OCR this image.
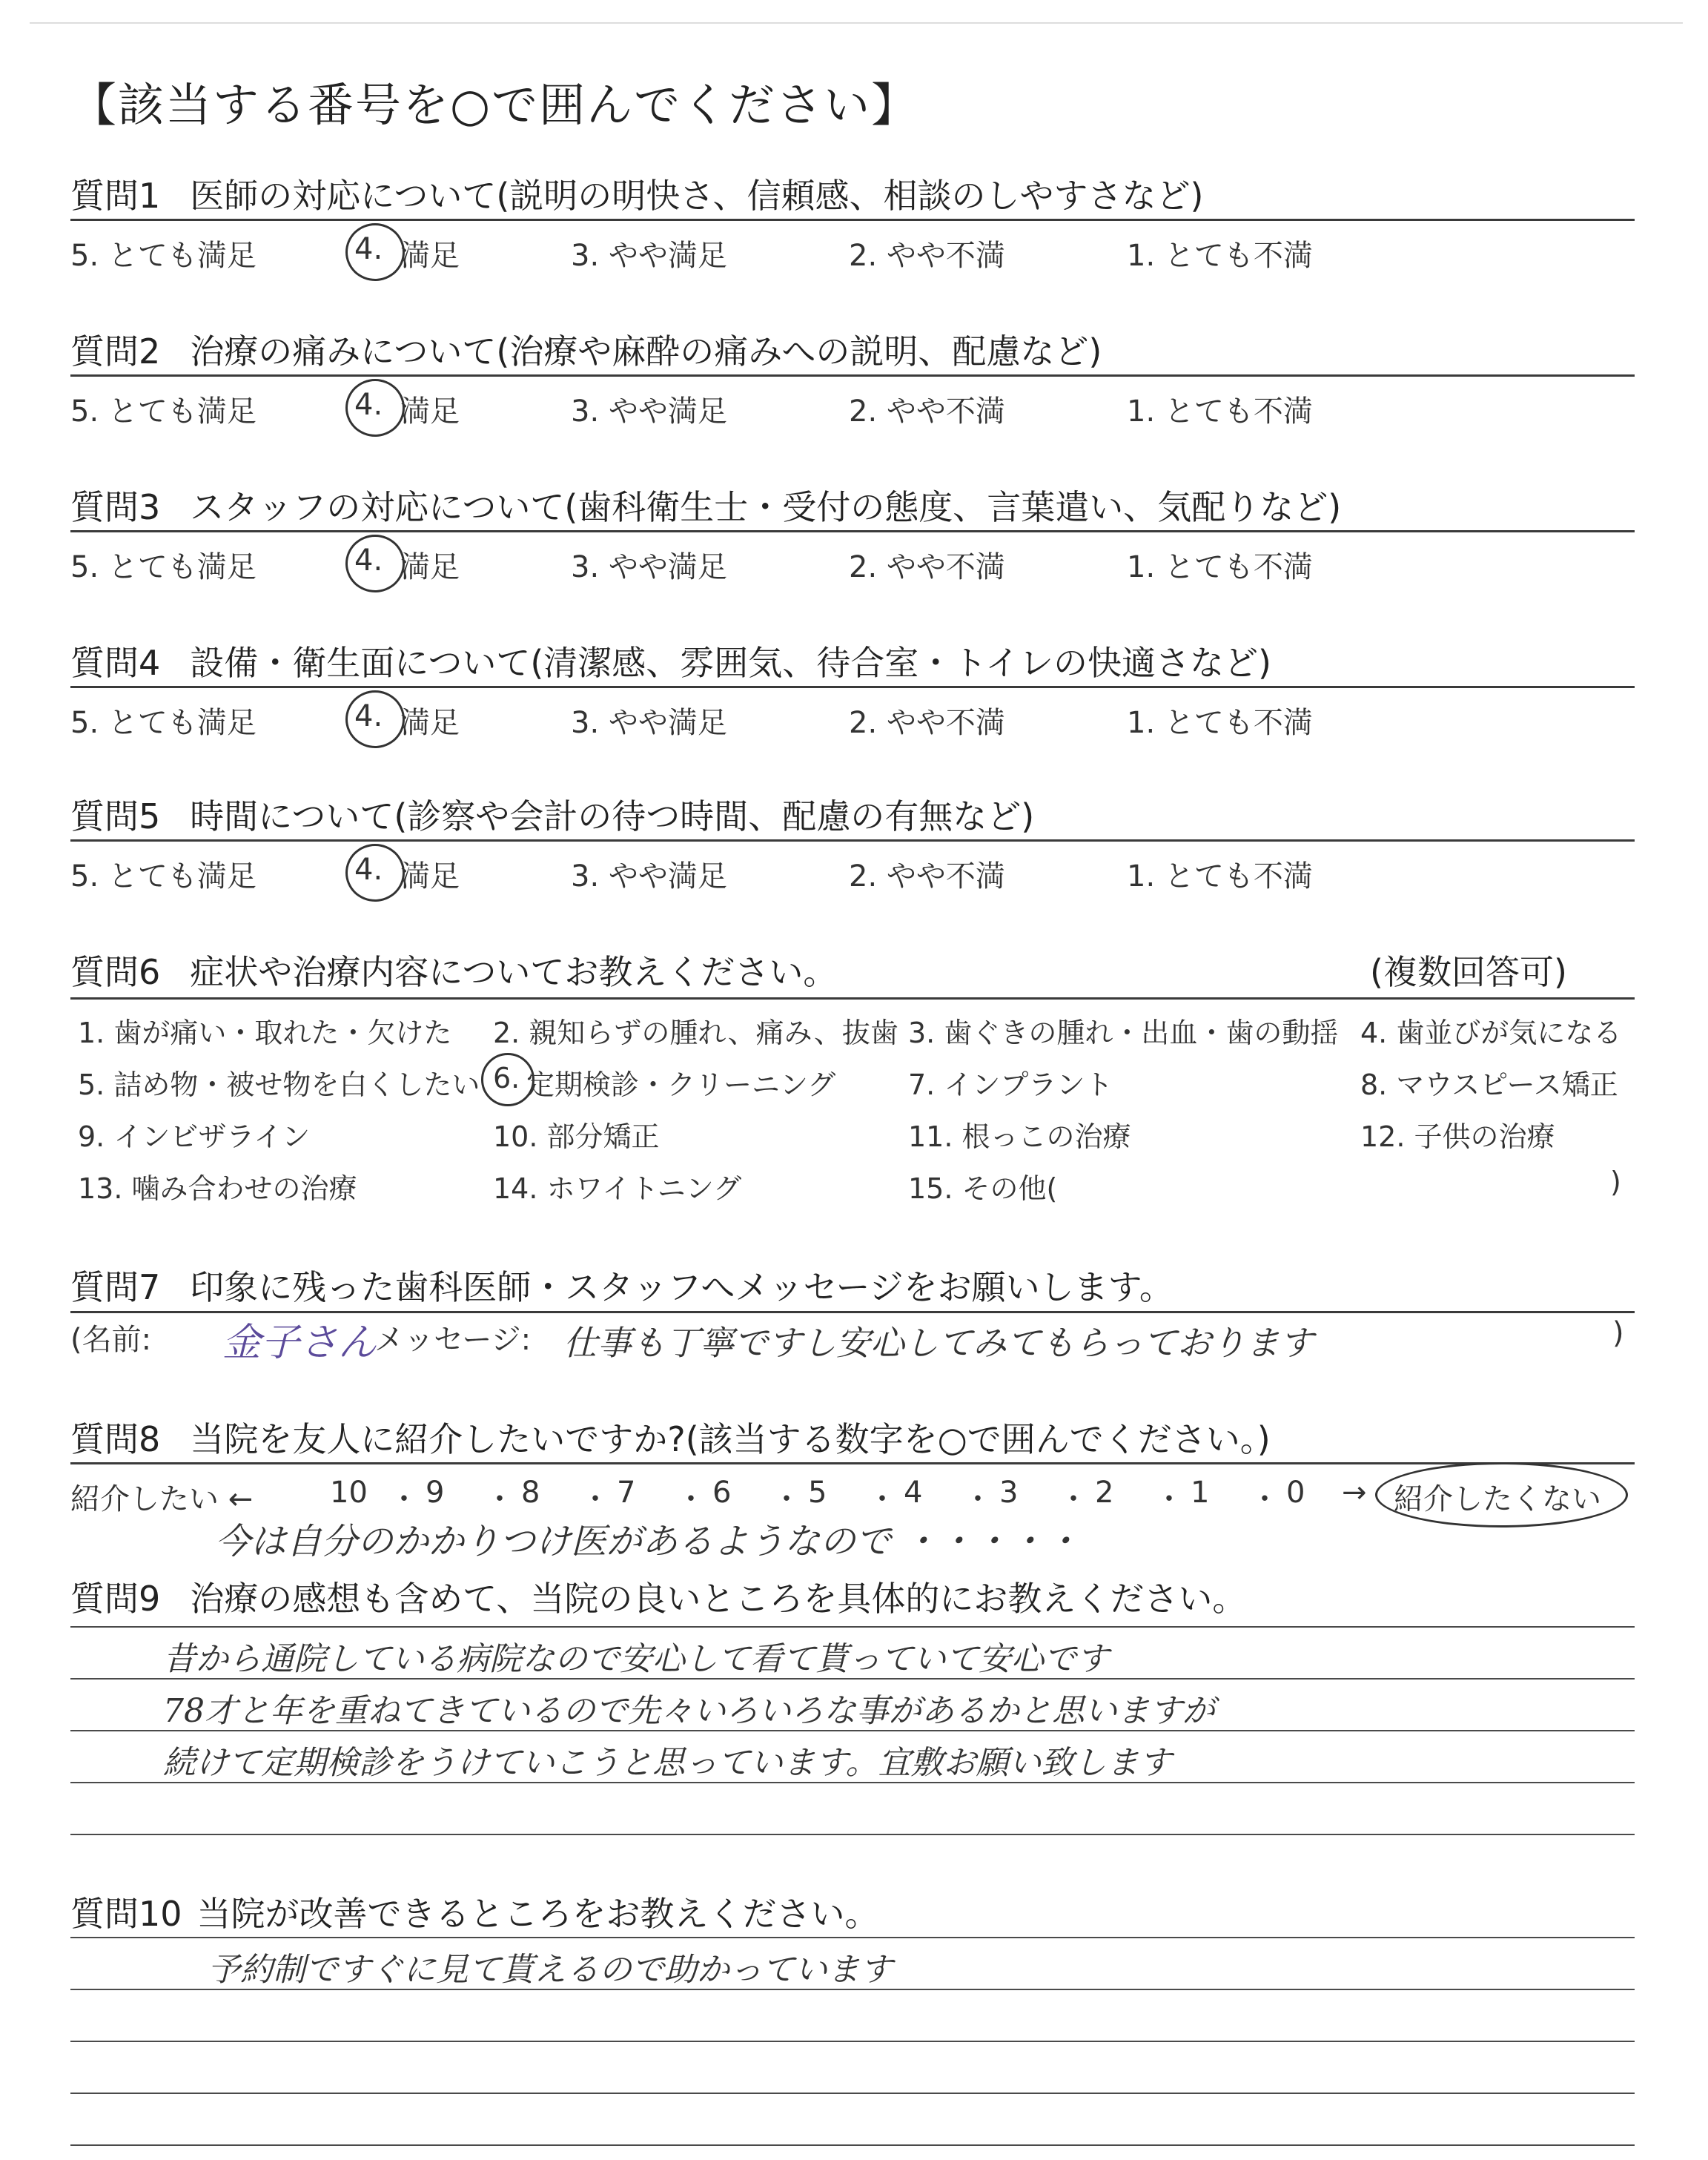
【該当する番号を○で囲んでください】
質問1 医師の対応について(説明の明快さ、信頼感、相談のしやすさなど)
5. とても満足	4. 満足	3. やや満足	2. やや不満	1. とても不満
質問2 治療の痛みについて(治療や麻酔の痛みへの説明、配慮など)
5. とても満足	4. 満足	3. やや満足	2. やや不満	1. とても不満
質問3 スタッフの対応について(歯科衛生士・受付の態度、言葉遣い、気配りなど)
5. とても満足	4. 満足	3. やや満足	2. やや不満	1. とても不満
質問4 設備・衛生面について(清潔感、雰囲気、待合室・トイレの快適さなど)
5. とても満足	4. 満足	3. やや満足	2. やや不満	1. とても不満
質問5 時間について(診察や会計の待つ時間、配慮の有無など)
5. とても満足	4. 満足	3. やや満足	2. やや不満	1. とても不満
質問6 症状や治療内容についてお教えください。	(複数回答可)
1. 歯が痛い・取れた・欠けた 2. 親知らずの腫れ、痛み、抜歯 3. 歯ぐきの腫れ・出血・歯の動揺 4. 歯並びが気になる
5. 詰め物・被せ物を白くしたい 6. 定期検診・クリーニング	7. インプラント	8. マウスピース矯正
9. インビザライン	10. 部分矯正	11. 根っこの治療	12. 子供の治療
13. 噛み合わせの治療	14. ホワイトニング	15. その他(	)
質問7 印象に残った歯科医師・スタッフへメッセージをお願いします。
(名前: 金子さん
メッセージ: 仕事も丁寧ですし安心してみてもらっております	)
質問8 当院を友人に紹介したいですか?(該当する数字を○で囲んでください。)
紹介したい ←	10 ・ 9 ・ 8 ・ 7 ・ 6 ・ 5 ・ 4 ・ 3 ・ 2 ・ 1 ・ 0 → 紹介したくない
今は自分のかかりつけ医があるようなので ・・・・・
質問9 治療の感想も含めて、当院の良いところを具体的にお教えください。
昔から通院している病院なので安心して看て貰っていて安心です
78才と年を重ねてきているので先々いろいろな事があるかと思いますが
続けて定期検診をうけていこうと思っています。宜敷お願い致します
質問10 当院が改善できるところをお教えください。
予約制ですぐに見て貰えるので助かっています
